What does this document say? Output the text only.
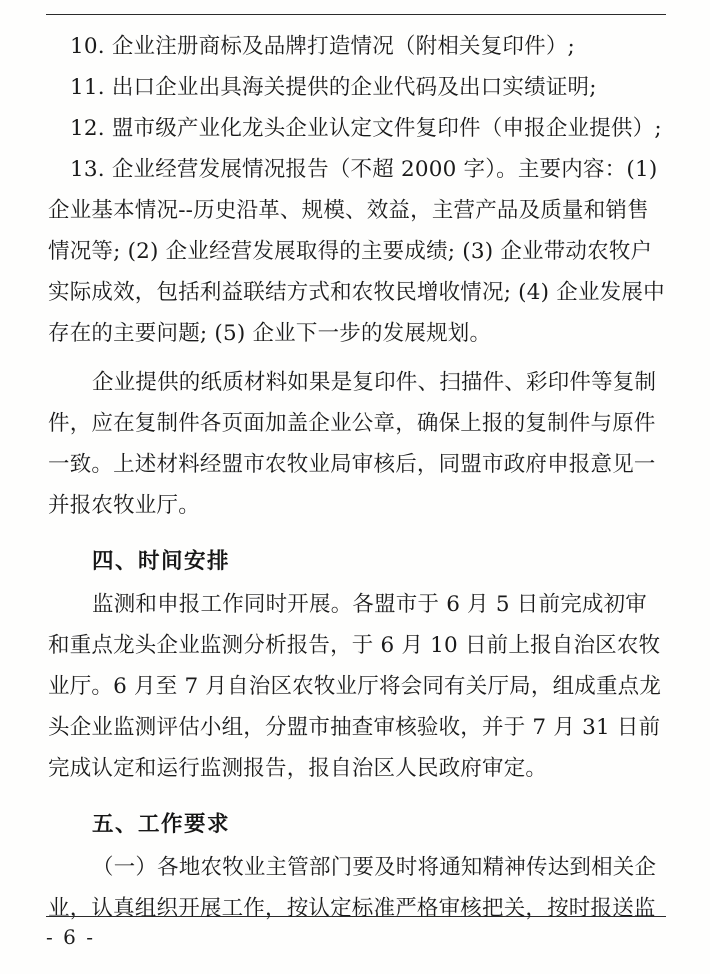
10. 企业注册商标及品牌打造情况（附相关复印件）;
11. 出口企业出具海关提供的企业代码及出口实绩证明;
12. 盟市级产业化龙头企业认定文件复印件（申报企业提供）;
13. 企业经营发展情况报告（不超 2000 字）。主要内容：(1)
企业基本情况--历史沿革、规模、效益，主营产品及质量和销售
情况等; (2) 企业经营发展取得的主要成绩; (3) 企业带动农牧户
实际成效，包括利益联结方式和农牧民增收情况; (4) 企业发展中
存在的主要问题; (5) 企业下一步的发展规划。
企业提供的纸质材料如果是复印件、扫描件、彩印件等复制
件，应在复制件各页面加盖企业公章，确保上报的复制件与原件
一致。上述材料经盟市农牧业局审核后，同盟市政府申报意见一
并报农牧业厅。
四、时间安排
监测和申报工作同时开展。各盟市于 6 月 5 日前完成初审
和重点龙头企业监测分析报告，于 6 月 10 日前上报自治区农牧
业厅。6 月至 7 月自治区农牧业厅将会同有关厅局，组成重点龙
头企业监测评估小组，分盟市抽查审核验收，并于 7 月 31 日前
完成认定和运行监测报告，报自治区人民政府审定。
五、工作要求
（一）各地农牧业主管部门要及时将通知精神传达到相关企
业，认真组织开展工作，按认定标准严格审核把关，按时报送监
- 6 -
